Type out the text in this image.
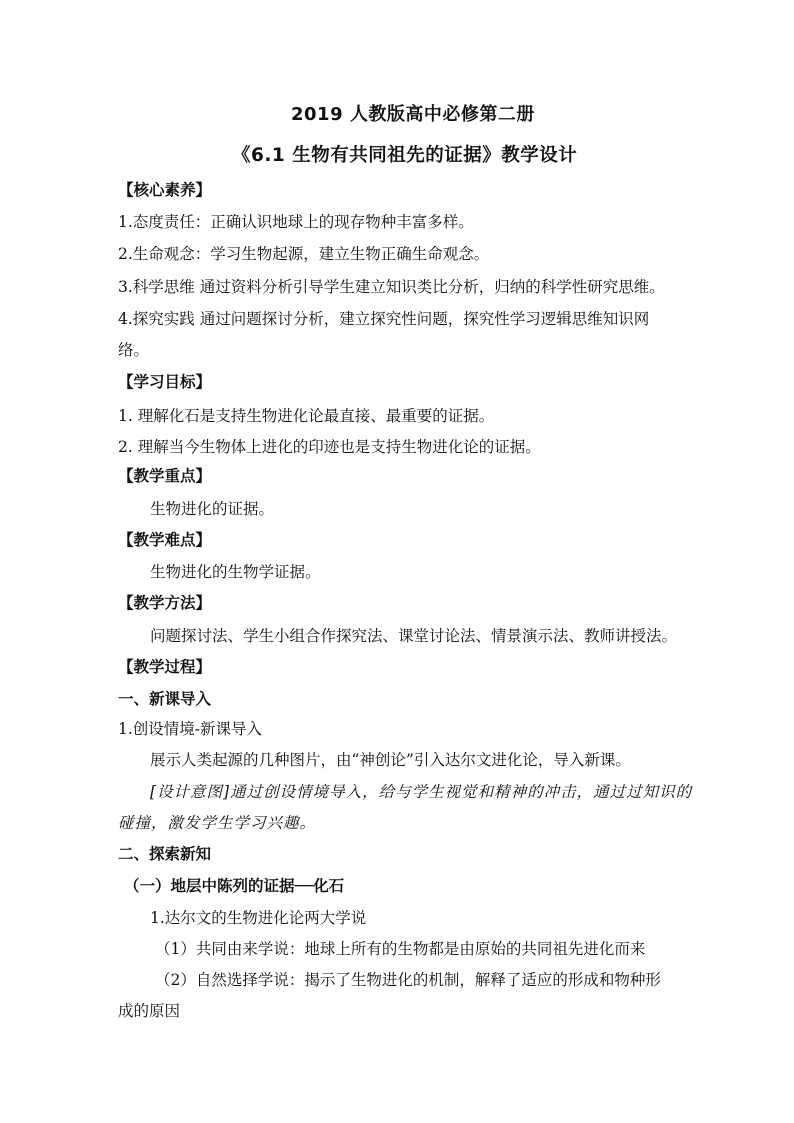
2019 人教版高中必修第二册
《6.1 生物有共同祖先的证据》教学设计
【核心素养】
1.态度责任：正确认识地球上的现存物种丰富多样。
2.生命观念：学习生物起源，建立生物正确生命观念。
3.科学思维 通过资料分析引导学生建立知识类比分析，归纳的科学性研究思维。
4.探究实践 通过问题探讨分析，建立探究性问题，探究性学习逻辑思维知识网
络。
【学习目标】
1. 理解化石是支持生物进化论最直接、最重要的证据。
2. 理解当今生物体上进化的印迹也是支持生物进化论的证据。
【教学重点】
生物进化的证据。
【教学难点】
生物进化的生物学证据。
【教学方法】
问题探讨法、学生小组合作探究法、课堂讨论法、情景演示法、教师讲授法。
【教学过程】
一、新课导入
1.创设情境-新课导入
展示人类起源的几种图片，由“神创论”引入达尔文进化论，导入新课。
[设计意图]通过创设情境导入，给与学生视觉和精神的冲击，通过过知识的
碰撞，激发学生学习兴趣。
二、探索新知
（一）地层中陈列的证据──化石
1.达尔文的生物进化论两大学说
（1）共同由来学说：地球上所有的生物都是由原始的共同祖先进化而来
（2）自然选择学说：揭示了生物进化的机制，解释了适应的形成和物种形
成的原因
